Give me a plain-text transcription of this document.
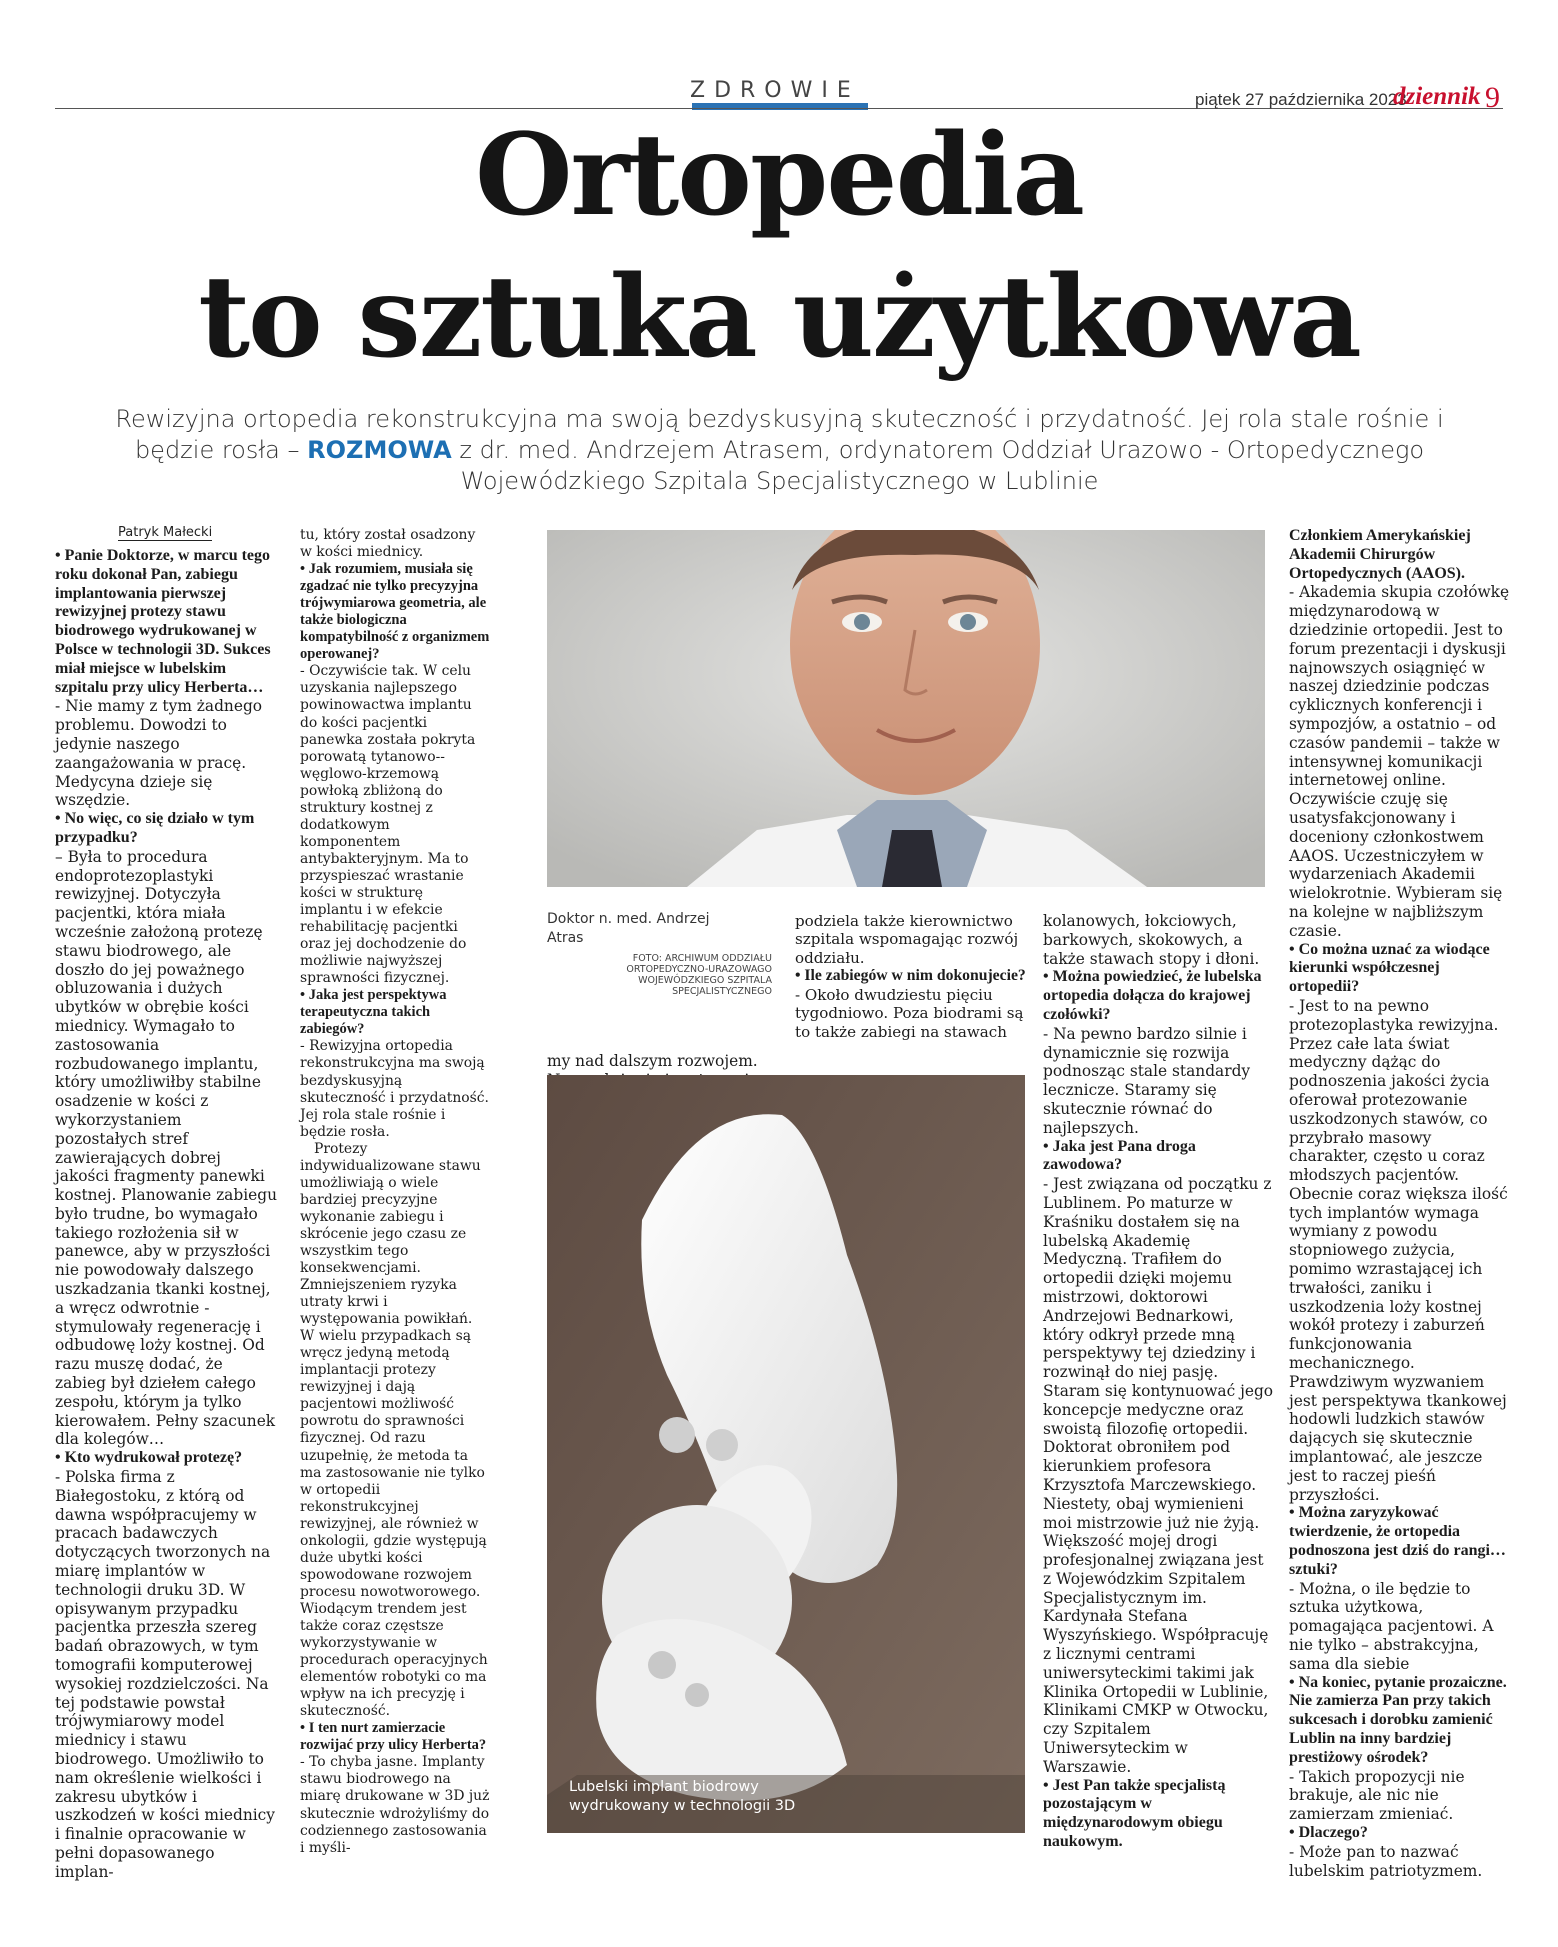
ZDROWIE	piątek 27 października 2023
dziennik 9
Ortopedia
to sztuka użytkowa
Rewizyjna ortopedia rekonstrukcyjna ma swoją bezdyskusyjną skuteczność i przydatność. Jej rola stale rośnie i będzie rosła – ROZMOWA z dr. med. Andrzejem Atrasem, ordynatorem Oddział Urazowo - Ortopedycznego Wojewódzkiego Szpitala Specjalistycznego w Lublinie
Patryk Małecki

• Panie Doktorze, w marcu tego roku dokonał Pan, zabiegu implantowania pierwszej rewizyjnej protezy stawu biodrowego wydrukowanej w Polsce w technologii 3D. Sukces miał miejsce w lubelskim szpitalu przy ulicy Herberta…

- Nie mamy z tym żadnego problemu. Dowodzi to jedynie naszego zaangażowania w pracę. Medycyna dzieje się wszędzie.

• No więc, co się działo w tym przypadku?

– Była to procedura endoprotezoplastyki rewizyjnej. Dotyczyła pacjentki, która miała wcześnie założoną protezę stawu biodrowego, ale doszło do jej poważnego obluzowania i dużych ubytków w obrębie kości miednicy. Wymagało to zastosowania rozbudowanego implantu, który umożliwiłby stabilne osadzenie w kości z wykorzystaniem pozostałych stref zawierających dobrej jakości fragmenty panewki kostnej. Planowanie zabiegu było trudne, bo wymagało takiego rozłożenia sił w panewce, aby w przyszłości nie powodowały dalszego uszkadzania tkanki kostnej, a wręcz odwrotnie - stymulowały regenerację i odbudowę loży kostnej. Od razu muszę dodać, że zabieg był dziełem całego zespołu, którym ja tylko kierowałem. Pełny szacunek dla kolegów…

• Kto wydrukował protezę?

- Polska firma z Białegostoku, z którą od dawna współpracujemy w pracach badawczych dotyczących tworzonych na miarę implantów w technologii druku 3D. W opisywanym przypadku pacjentka przeszła szereg badań obrazowych, w tym tomografii komputerowej wysokiej rozdzielczości. Na tej podstawie powstał trójwymiarowy model miednicy i stawu biodrowego. Umożliwiło to nam określenie wielkości i zakresu ubytków i uszkodzeń w kości miednicy i finalnie opracowanie w pełni dopasowanego implan-

tu, który został osadzony w kości miednicy.

• Jak rozumiem, musiała się zgadzać nie tylko precyzyjna trójwymiarowa geometria, ale także biologiczna kompatybilność z organizmem operowanej?

- Oczywiście tak. W celu uzyskania najlepszego powinowactwa implantu do kości pacjentki panewka została pokryta porowatą tytanowo--węglowo-krzemową powłoką zbliżoną do struktury kostnej z dodatkowym komponentem antybakteryjnym. Ma to przyspieszać wrastanie kości w strukturę implantu i w efekcie rehabilitację pacjentki oraz jej dochodzenie do możliwie najwyższej sprawności fizycznej.

• Jaka jest perspektywa terapeutyczna takich zabiegów?

- Rewizyjna ortopedia rekonstrukcyjna ma swoją bezdyskusyjną skuteczność i przydatność. Jej rola stale rośnie i będzie rosła.

Protezy indywidualizowane stawu umożliwiają o wiele bardziej precyzyjne wykonanie zabiegu i skrócenie jego czasu ze wszystkim tego konsekwencjami. Zmniejszeniem ryzyka utraty krwi i występowania powikłań. W wielu przypadkach są wręcz jedyną metodą implantacji protezy rewizyjnej i dają pacjentowi możliwość powrotu do sprawności fizycznej. Od razu uzupełnię, że metoda ta ma zastosowanie nie tylko w ortopedii rekonstrukcyjnej rewizyjnej, ale również w onkologii, gdzie występują duże ubytki kości spowodowane rozwojem procesu nowotworowego. Wiodącym trendem jest także coraz częstsze wykorzystywanie w procedurach operacyjnych elementów robotyki co ma wpływ na ich precyzję i skuteczność.

• I ten nurt zamierzacie rozwijać przy ulicy Herberta?

- To chyba jasne. Implanty stawu biodrowego na miarę drukowane w 3D już skutecznie wdrożyliśmy do codziennego zastosowania i myśli-

my nad dalszym rozwojem.

podziela także kierownictwo szpitala wspomagając rozwój oddziału.

• Ile zabiegów w nim dokonujecie?

- Około dwudziestu pięciu tygodniowo. Poza biodrami są to także zabiegi na stawach

kolanowych, łokciowych, barkowych, skokowych, a także stawach stopy i dłoni.

• Można powiedzieć, że lubelska ortopedia dołącza do krajowej czołówki?

- Na pewno bardzo silnie i dynamicznie się rozwija podnosząc stale standardy lecznicze. Staramy się skutecznie równać do najlepszych.

• Jaka jest Pana droga zawodowa?

- Jest związana od początku z Lublinem. Po maturze w Kraśniku dostałem się na lubelską Akademię Medyczną. Trafiłem do ortopedii dzięki mojemu mistrzowi, doktorowi Andrzejowi Bednarkowi, który odkrył przede mną perspektywy tej dziedziny i rozwinął do niej pasję. Staram się kontynuować jego koncepcje medyczne oraz swoistą filozofię ortopedii. Doktorat obroniłem pod kierunkiem profesora Krzysztofa Marczewskiego. Niestety, obaj wymienieni moi mistrzowie już nie żyją. Większość mojej drogi profesjonalnej związana jest z Wojewódzkim Szpitalem Specjalistycznym im. Kardynała Stefana Wyszyńskiego. Współpracuję z licznymi centrami uniwersyteckimi takimi jak Klinika Ortopedii w Lublinie, Klinikami CMKP w Otwocku, czy Szpitalem Uniwersyteckim w Warszawie.

• Jest Pan także specjalistą pozostającym w międzynarodowym obiegu naukowym.

Członkiem Amerykańskiej Akademii Chirurgów Ortopedycznych (AAOS).

- Akademia skupia czołówkę międzynarodową w dziedzinie ortopedii. Jest to forum prezentacji i dyskusji najnowszych osiągnięć w naszej dziedzinie podczas cyklicznych konferencji i sympozjów, a ostatnio – od czasów pandemii – także w intensywnej komunikacji internetowej online. Oczywiście czuję się usatysfakcjonowany i doceniony członkostwem AAOS. Uczestniczyłem w wydarzeniach Akademii wielokrotnie. Wybieram się na kolejne w najbliższym czasie.

• Co można uznać za wiodące kierunki współczesnej ortopedii?

- Jest to na pewno protezoplastyka rewizyjna. Przez całe lata świat medyczny dążąc do podnoszenia jakości życia oferował protezowanie uszkodzonych stawów, co przybrało masowy charakter, często u coraz młodszych pacjentów. Obecnie coraz większa ilość tych implantów wymaga wymiany z powodu stopniowego zużycia, pomimo wzrastającej ich trwałości, zaniku i uszkodzenia loży kostnej wokół protezy i zaburzeń funkcjonowania mechanicznego. Prawdziwym wyzwaniem jest perspektywa tkankowej hodowli ludzkich stawów dających się skutecznie implantować, ale jeszcze jest to raczej pieśń przyszłości.

• Można zaryzykować twierdzenie, że ortopedia podnoszona jest dziś do rangi… sztuki?

- Można, o ile będzie to sztuka użytkowa, pomagająca pacjentowi. A nie tylko – abstrakcyjna, sama dla siebie

• Na koniec, pytanie prozaiczne. Nie zamierza Pan przy takich sukcesach i dorobku zamienić Lublin na inny bardziej prestiżowy ośrodek?

- Takich propozycji nie brakuje, ale nic nie zamierzam zmieniać.

• Dlaczego?

- Może pan to nazwać lubelskim patriotyzmem.

Doktor n. med. Andrzej Atras
FOTO: ARCHIWUM ODDZIAŁU ORTOPEDYCZNO-URAZOWAGO WOJEWÓDZKIEGO SZPITALA SPECJALISTYCZNEGO
Lubelski implant biodrowy
wydrukowany w technologii 3D
